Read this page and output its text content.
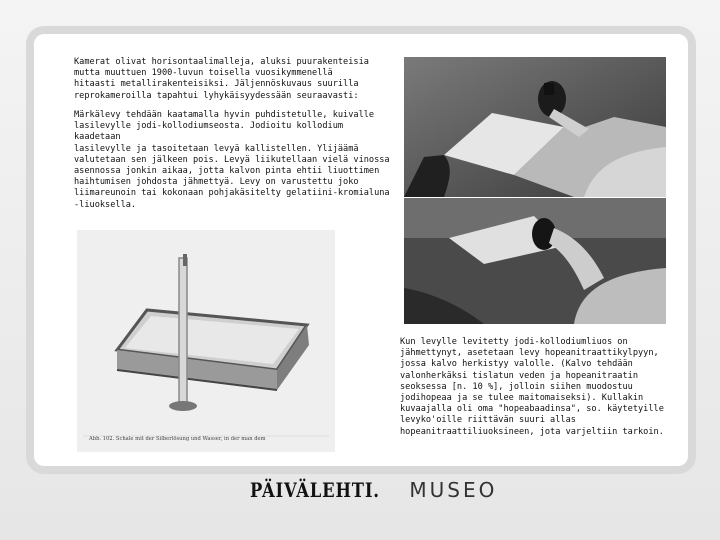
Kamerat olivat horisontaalimalleja, aluksi puurakenteisia
mutta muuttuen 1900-luvun toisella vuosikymmenellä
hitaasti metallirakenteisiksi. Jäljennöskuvaus suurilla
reprokameroilla tapahtui lyhykäisyydessään seuraavasti:
Märkälevy tehdään kaatamalla hyvin puhdistetulle, kuivalle
lasilevylle jodi-kollodiumseosta. Jodioitu kollodium kaadetaan
lasilevylle ja tasoitetaan levyä kallistellen. Ylijäämä
valutetaan sen jälkeen pois. Levyä liikutellaan vielä vinossa
asennossa jonkin aikaa, jotta kalvon pinta ehtii liuottimen
haihtumisen johdosta jähmettyä. Levy on varustettu joko
liimareunoin tai kokonaan pohjakäsitelty gelatiini-kromialuna
-liuoksella.
Kun levylle levitetty jodi-kollodiumliuos on
jähmettynyt, asetetaan levy hopeanitraattikylpyyn,
jossa kalvo herkistyy valolle. (Kalvo tehdään
valonherkäksi tislatun veden ja hopeanitraatin
seoksessa [n. 10 %], jolloin siihen muodostuu
jodihopeaa ja se tulee maitomaiseksi). Kullakin
kuvaajalla oli oma "hopeabaadinsa", so. käytetyille
levyko'oille riittävän suuri allas
hopeanitraattiliuoksineen, jota varjeltiin tarkoin.
Abb. 102. Schale mit der Silberlösung und Wasser, in der man dem
PÄIVÄLEHTI. MUSEO
